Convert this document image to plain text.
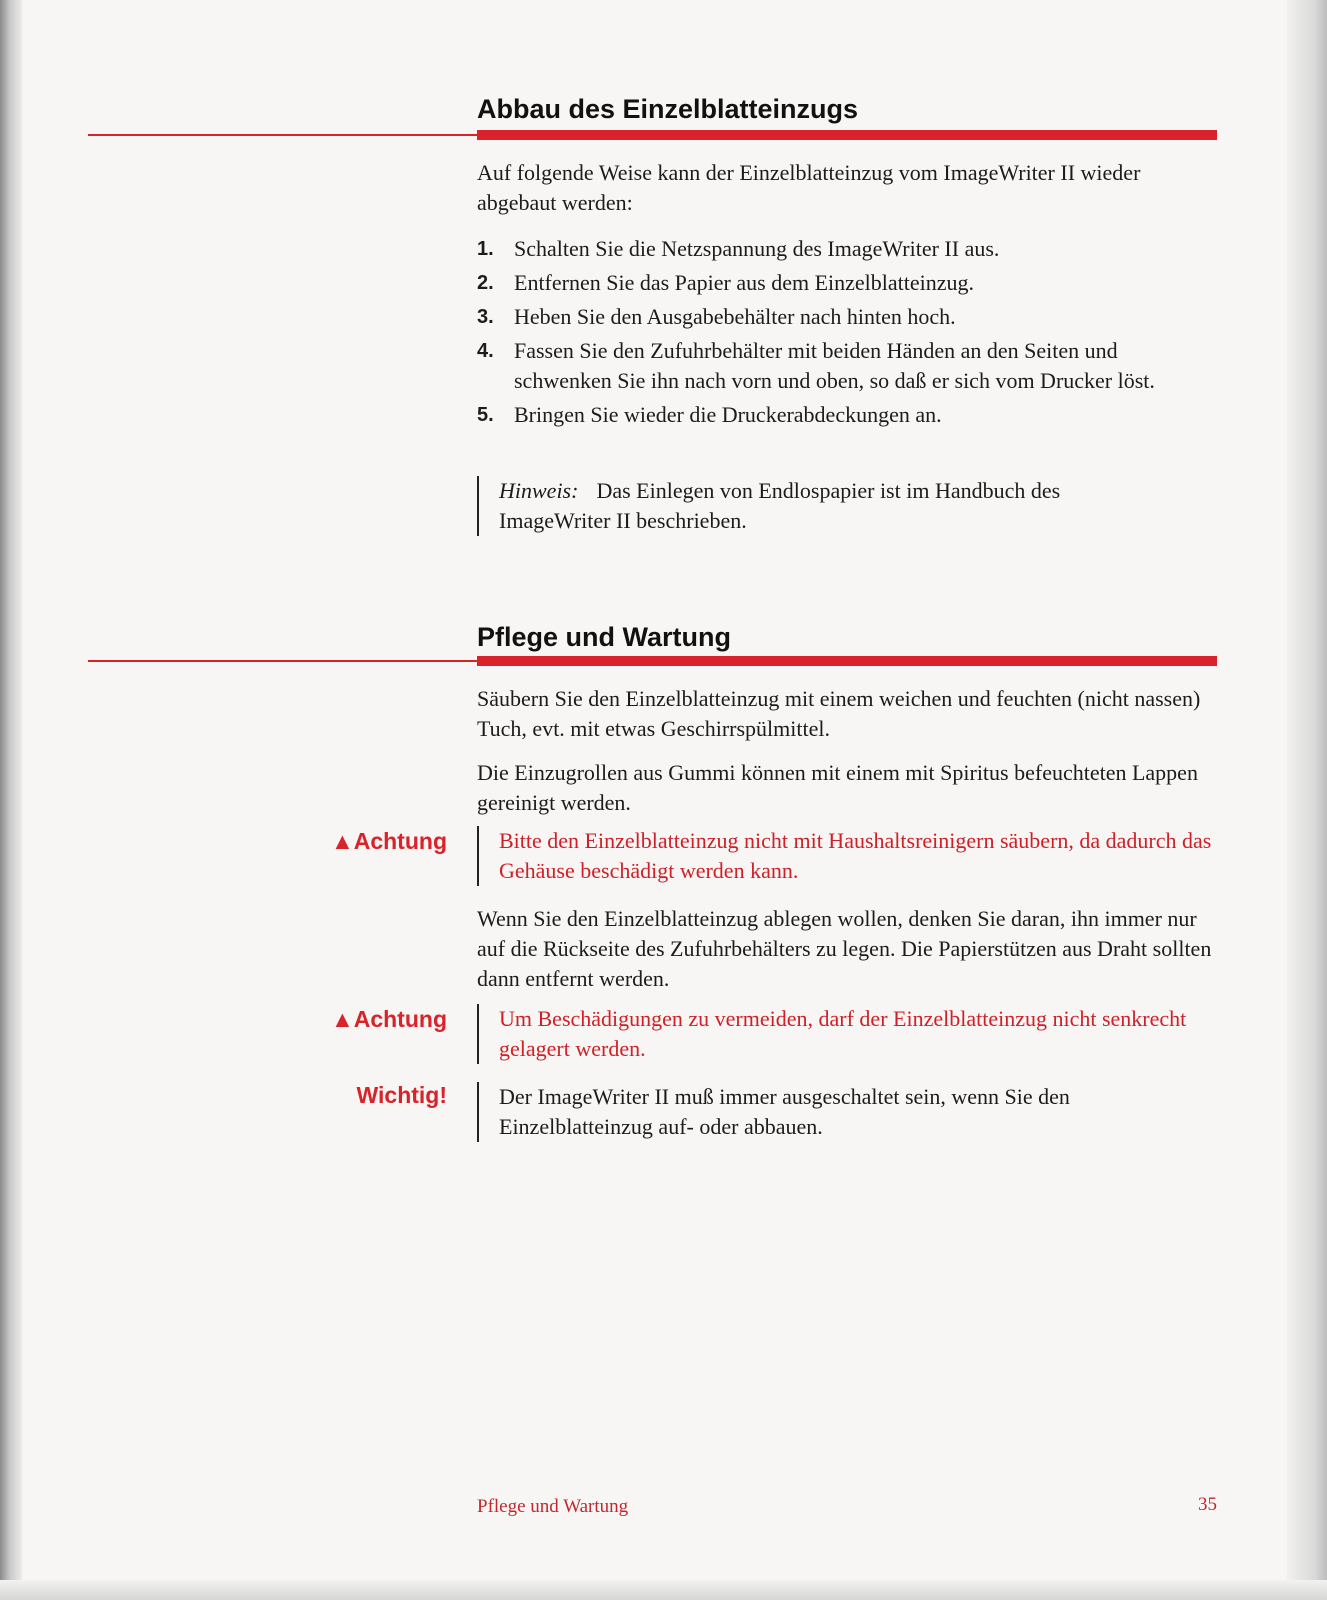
Abbau des Einzelblatteinzugs

Auf folgende Weise kann der Einzelblatteinzug vom ImageWriter II wieder abgebaut werden:

1. Schalten Sie die Netzspannung des ImageWriter II aus.
2. Entfernen Sie das Papier aus dem Einzelblatteinzug.
3. Heben Sie den Ausgabebehälter nach hinten hoch.
4. Fassen Sie den Zufuhrbehälter mit beiden Händen an den Seiten und schwenken Sie ihn nach vorn und oben, so daß er sich vom Drucker löst.
5. Bringen Sie wieder die Druckerabdeckungen an.
Hinweis: Das Einlegen von Endlospapier ist im Handbuch des ImageWriter II beschrieben.
Pflege und Wartung

Säubern Sie den Einzelblatteinzug mit einem weichen und feuchten (nicht nassen) Tuch, evt. mit etwas Geschirrspülmittel.

Die Einzugrollen aus Gummi können mit einem mit Spiritus befeuchteten Lappen gereinigt werden.

▲Achtung	Bitte den Einzelblatteinzug nicht mit Haushaltsreinigern säubern, da dadurch das Gehäuse beschädigt werden kann.

Wenn Sie den Einzelblatteinzug ablegen wollen, denken Sie daran, ihn immer nur auf die Rückseite des Zufuhrbehälters zu legen. Die Papierstützen aus Draht sollten dann entfernt werden.

▲Achtung	Um Beschädigungen zu vermeiden, darf der Einzelblatteinzug nicht senkrecht gelagert werden.
Wichtig!	Der ImageWriter II muß immer ausgeschaltet sein, wenn Sie den Einzelblatteinzug auf- oder abbauen.
Pflege und Wartung	35
